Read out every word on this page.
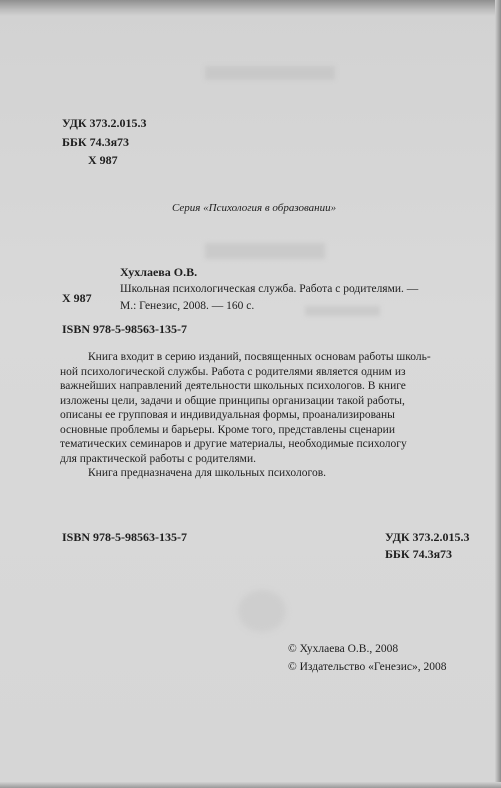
УДК 373.2.015.3
ББК 74.3я73
Х 987
Серия «Психология в образовании»
Хухлаева О.В.
Х 987
Школьная психологическая служба. Работа с родителями. —
М.: Генезис, 2008. — 160 с.
ISBN 978-5-98563-135-7
Книга входит в серию изданий, посвященных основам работы школь-
ной психологической службы. Работа с родителями является одним из
важнейших направлений деятельности школьных психологов. В книге
изложены цели, задачи и общие принципы организации такой работы,
описаны ее групповая и индивидуальная формы, проанализированы
основные проблемы и барьеры. Кроме того, представлены сценарии
тематических семинаров и другие материалы, необходимые психологу
для практической работы с родителями.
Книга предназначена для школьных психологов.
ISBN 978-5-98563-135-7	УДК 373.2.015.3
ББК 74.3я73
© Хухлаева О.В., 2008
© Издательство «Генезис», 2008
